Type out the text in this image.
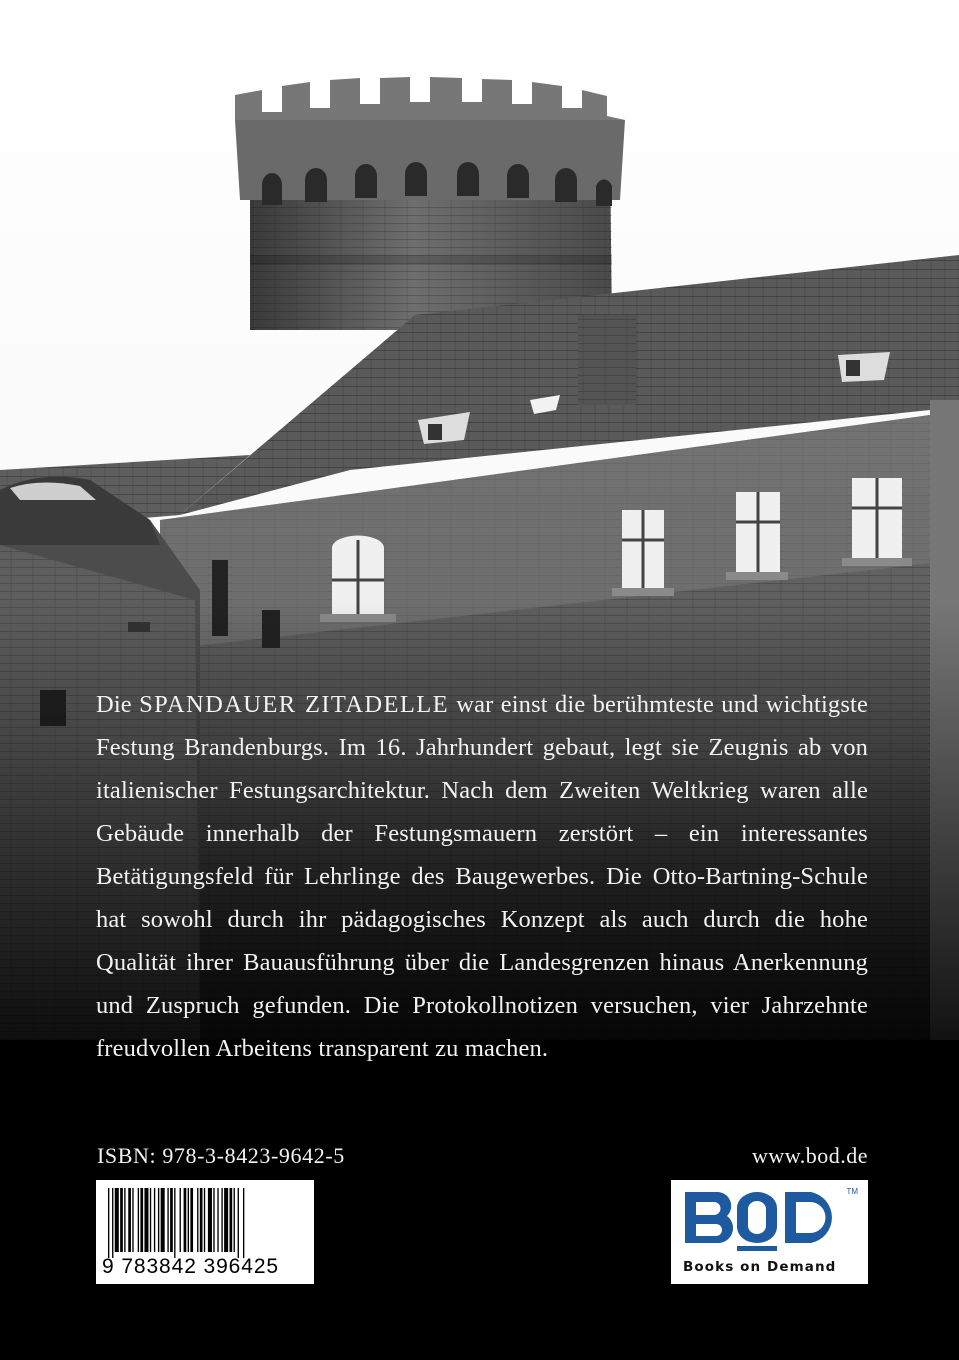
Die SPANDAUER ZITADELLE war einst die berühmteste und wichtigste Festung Brandenburgs. Im 16. Jahrhundert gebaut, legt sie Zeugnis ab von italienischer Festungsarchitektur. Nach dem Zweiten Weltkrieg waren alle Gebäude innerhalb der Festungsmauern zerstört – ein interessantes Betätigungsfeld für Lehrlinge des Baugewerbes. Die Otto-Bartning-Schule hat sowohl durch ihr pädagogisches Konzept als auch durch die hohe Qualität ihrer Bauausführung über die Landesgrenzen hinaus Anerkennung und Zuspruch gefunden. Die Protokollnotizen versuchen, vier Jahrzehnte freudvollen Arbeitens transparent zu machen.
ISBN: 978-3-8423-9642-5	www.bod.de
9 783842 396425
TM
Books on Demand
